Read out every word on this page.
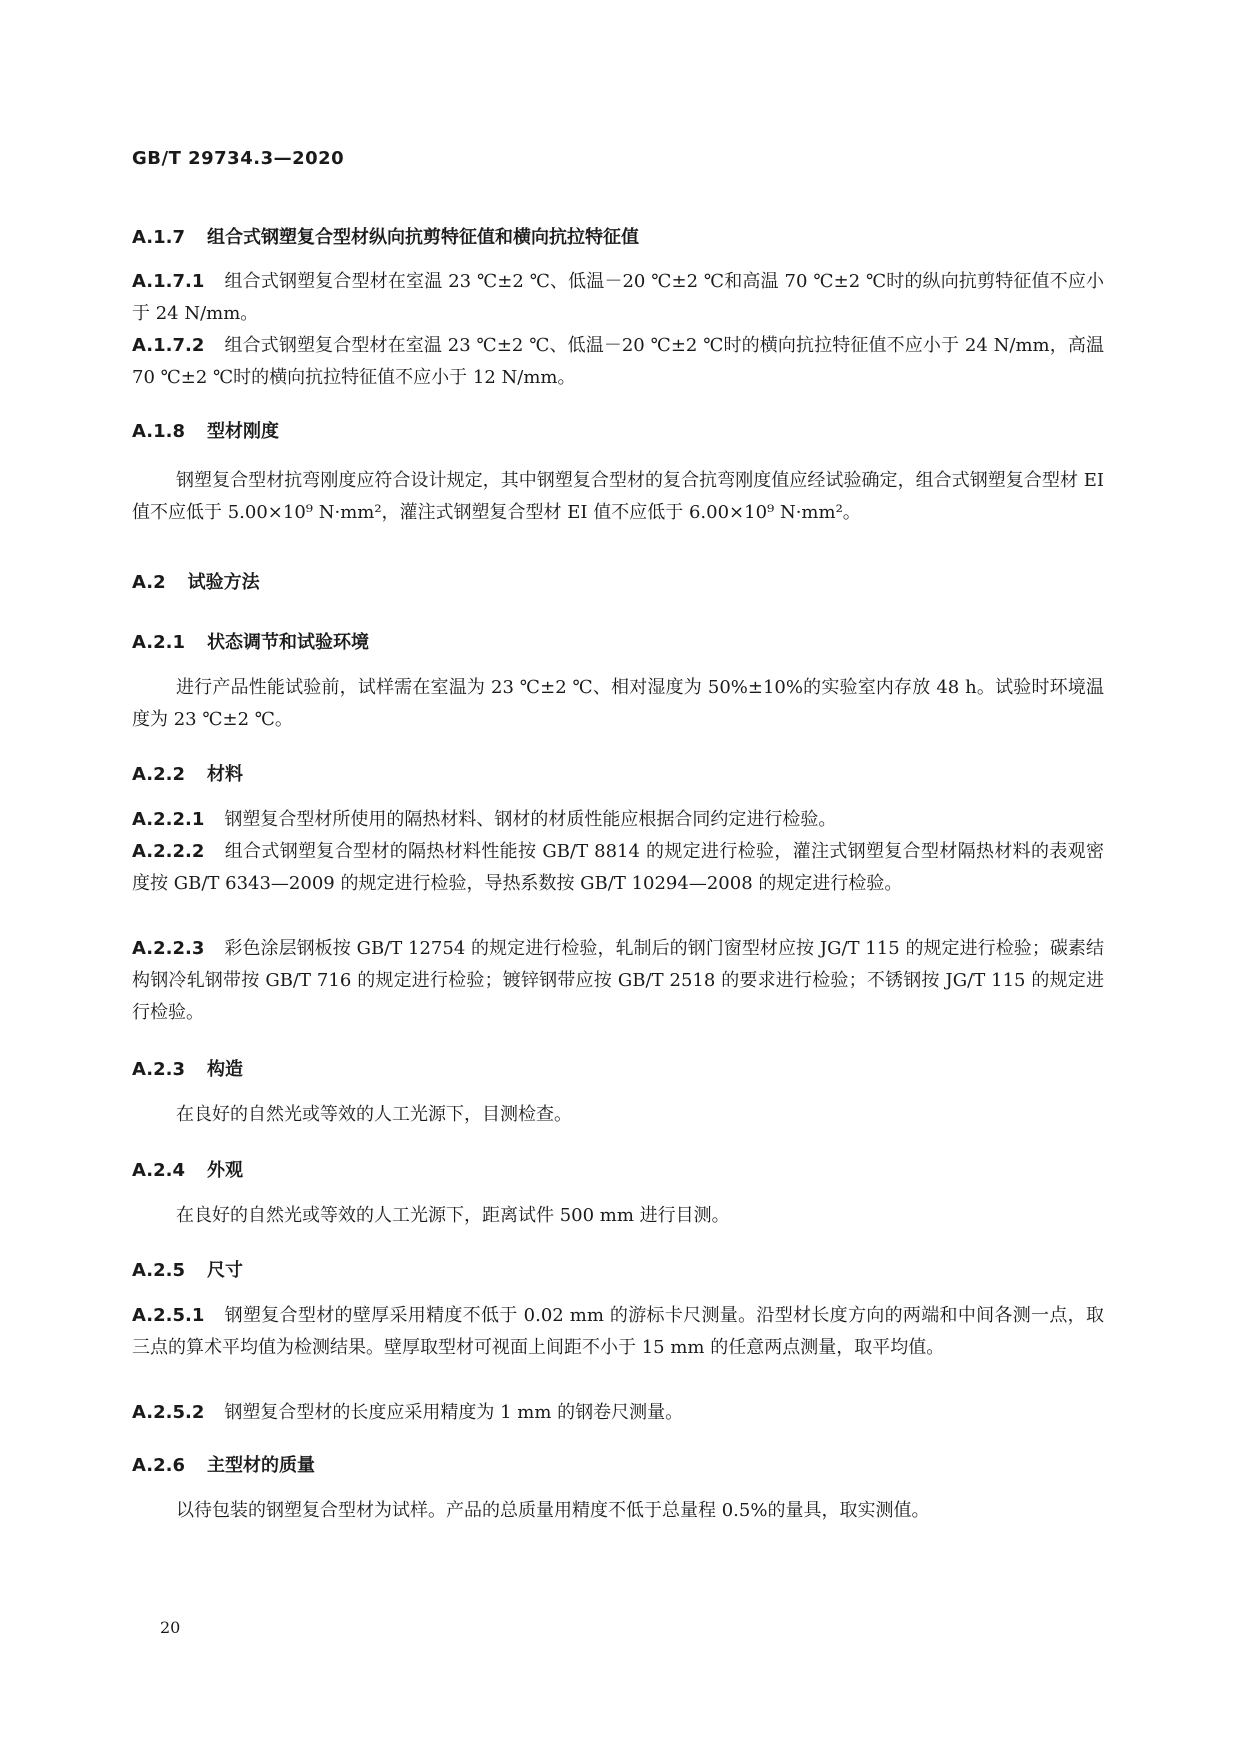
GB/T 29734.3—2020
A.1.7 组合式钢塑复合型材纵向抗剪特征值和横向抗拉特征值
A.1.7.1 组合式钢塑复合型材在室温 23 ℃±2 ℃、低温－20 ℃±2 ℃和高温 70 ℃±2 ℃时的纵向抗剪特征值不应小于 24 N/mm。
A.1.7.2 组合式钢塑复合型材在室温 23 ℃±2 ℃、低温－20 ℃±2 ℃时的横向抗拉特征值不应小于 24 N/mm，高温 70 ℃±2 ℃时的横向抗拉特征值不应小于 12 N/mm。
A.1.8 型材刚度
钢塑复合型材抗弯刚度应符合设计规定，其中钢塑复合型材的复合抗弯刚度值应经试验确定，组合式钢塑复合型材 EI 值不应低于 5.00×10⁹ N·mm²，灌注式钢塑复合型材 EI 值不应低于 6.00×10⁹ N·mm²。
A.2 试验方法
A.2.1 状态调节和试验环境
进行产品性能试验前，试样需在室温为 23 ℃±2 ℃、相对湿度为 50%±10%的实验室内存放 48 h。试验时环境温度为 23 ℃±2 ℃。
A.2.2 材料
A.2.2.1 钢塑复合型材所使用的隔热材料、钢材的材质性能应根据合同约定进行检验。
A.2.2.2 组合式钢塑复合型材的隔热材料性能按 GB/T 8814 的规定进行检验，灌注式钢塑复合型材隔热材料的表观密度按 GB/T 6343—2009 的规定进行检验，导热系数按 GB/T 10294—2008 的规定进行检验。
A.2.2.3 彩色涂层钢板按 GB/T 12754 的规定进行检验，轧制后的钢门窗型材应按 JG/T 115 的规定进行检验；碳素结构钢冷轧钢带按 GB/T 716 的规定进行检验；镀锌钢带应按 GB/T 2518 的要求进行检验；不锈钢按 JG/T 115 的规定进行检验。
A.2.3 构造
在良好的自然光或等效的人工光源下，目测检查。
A.2.4 外观
在良好的自然光或等效的人工光源下，距离试件 500 mm 进行目测。
A.2.5 尺寸
A.2.5.1 钢塑复合型材的壁厚采用精度不低于 0.02 mm 的游标卡尺测量。沿型材长度方向的两端和中间各测一点，取三点的算术平均值为检测结果。壁厚取型材可视面上间距不小于 15 mm 的任意两点测量，取平均值。
A.2.5.2 钢塑复合型材的长度应采用精度为 1 mm 的钢卷尺测量。
A.2.6 主型材的质量
以待包装的钢塑复合型材为试样。产品的总质量用精度不低于总量程 0.5%的量具，取实测值。
20
